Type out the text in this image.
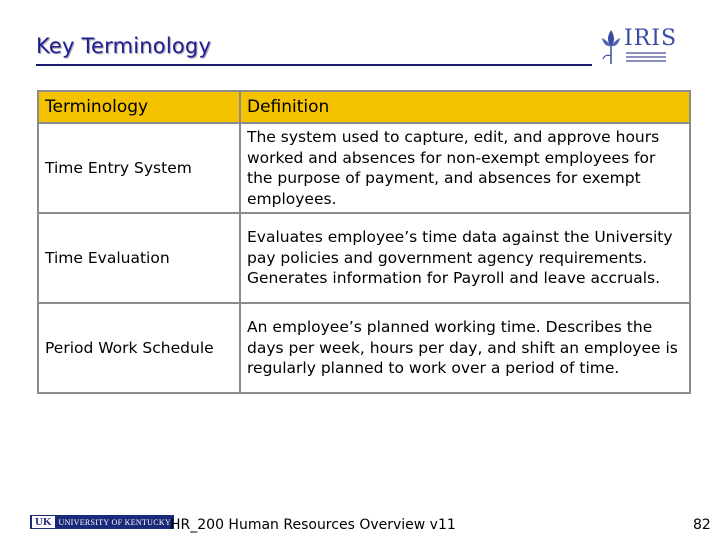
Key Terminology	IRIS
Terminology	Definition
Time Entry System	The system used to capture, edit, and approve hours worked and absences for non-exempt employees for the purpose of payment, and absences for exempt employees.
Time Evaluation	Evaluates employee’s time data against the University pay policies and government agency requirements. Generates information for Payroll and leave accruals.
Period Work Schedule	An employee’s planned working time. Describes the days per week, hours per day, and shift an employee is regularly planned to work over a period of time.
UK UNIVERSITY OF KENTUCKY
HR_200 Human Resources Overview v11	82
